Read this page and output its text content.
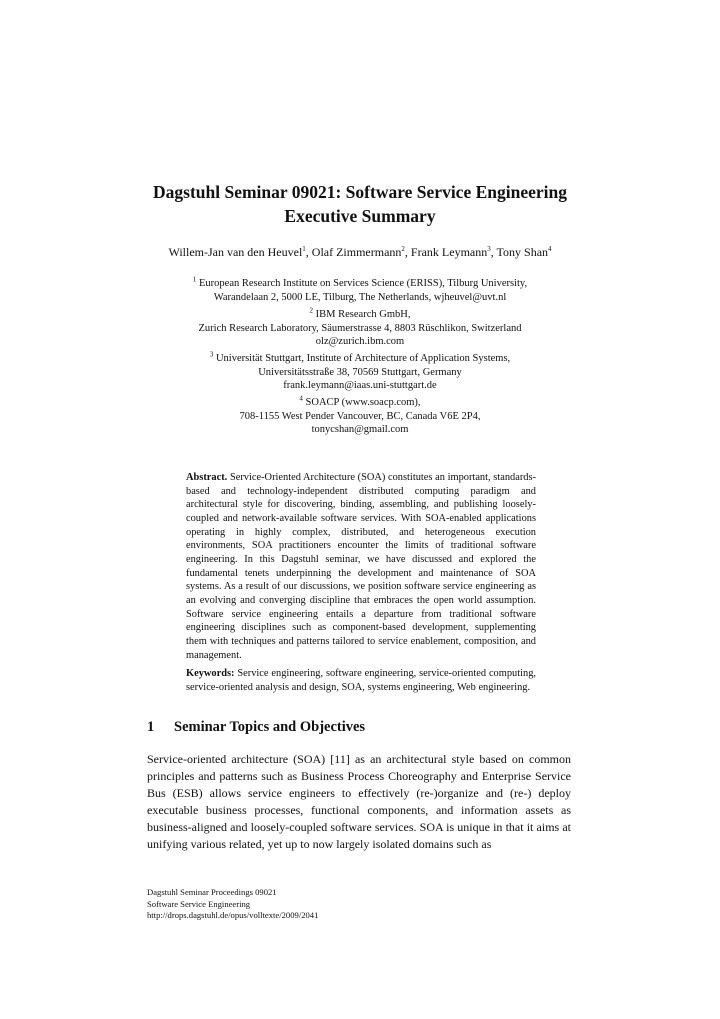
Dagstuhl Seminar 09021: Software Service Engineering
Executive Summary
Willem-Jan van den Heuvel$^1$, Olaf Zimmermann$^2$, Frank Leymann$^3$, Tony Shan$^4$
$^1$ European Research Institute on Services Science (ERISS), Tilburg University,
Warandelaan 2, 5000 LE, Tilburg, The Netherlands, wjheuvel@uvt.nl
$^2$ IBM Research GmbH,
Zurich Research Laboratory, Säumerstrasse 4, 8803 Rüschlikon, Switzerland
olz@zurich.ibm.com
$^3$ Universität Stuttgart, Institute of Architecture of Application Systems,
Universitätsstraße 38, 70569 Stuttgart, Germany
frank.leymann@iaas.uni-stuttgart.de
$^4$ SOACP (www.soacp.com),
708-1155 West Pender Vancouver, BC, Canada V6E 2P4,
tonycshan@gmail.com

Abstract. Service-Oriented Architecture (SOA) constitutes an important, standards-based and technology-independent distributed computing paradigm and architectural style for discovering, binding, assembling, and publishing loosely-coupled and network-available software services. With SOA-enabled applications operating in highly complex, distributed, and heterogeneous execution environments, SOA practitioners encounter the limits of traditional software engineering. In this Dagstuhl seminar, we have discussed and explored the fundamental tenets underpinning the development and maintenance of SOA systems. As a result of our discussions, we position software service engineering as an evolving and converging discipline that embraces the open world assumption. Software service engineering entails a departure from traditional software engineering disciplines such as component-based development, supplementing them with techniques and patterns tailored to service enablement, composition, and management.

Keywords: Service engineering, software engineering, service-oriented computing, service-oriented analysis and design, SOA, systems engineering, Web engineering.

1 Seminar Topics and Objectives

Service-oriented architecture (SOA) [11] as an architectural style based on common principles and patterns such as Business Process Choreography and Enterprise Service Bus (ESB) allows service engineers to effectively (re-)organize and (re-) deploy executable business processes, functional components, and information assets as business-aligned and loosely-coupled software services. SOA is unique in that it aims at unifying various related, yet up to now largely isolated domains such as

Dagstuhl Seminar Proceedings 09021
Software Service Engineering
http://drops.dagstuhl.de/opus/volltexte/2009/2041
